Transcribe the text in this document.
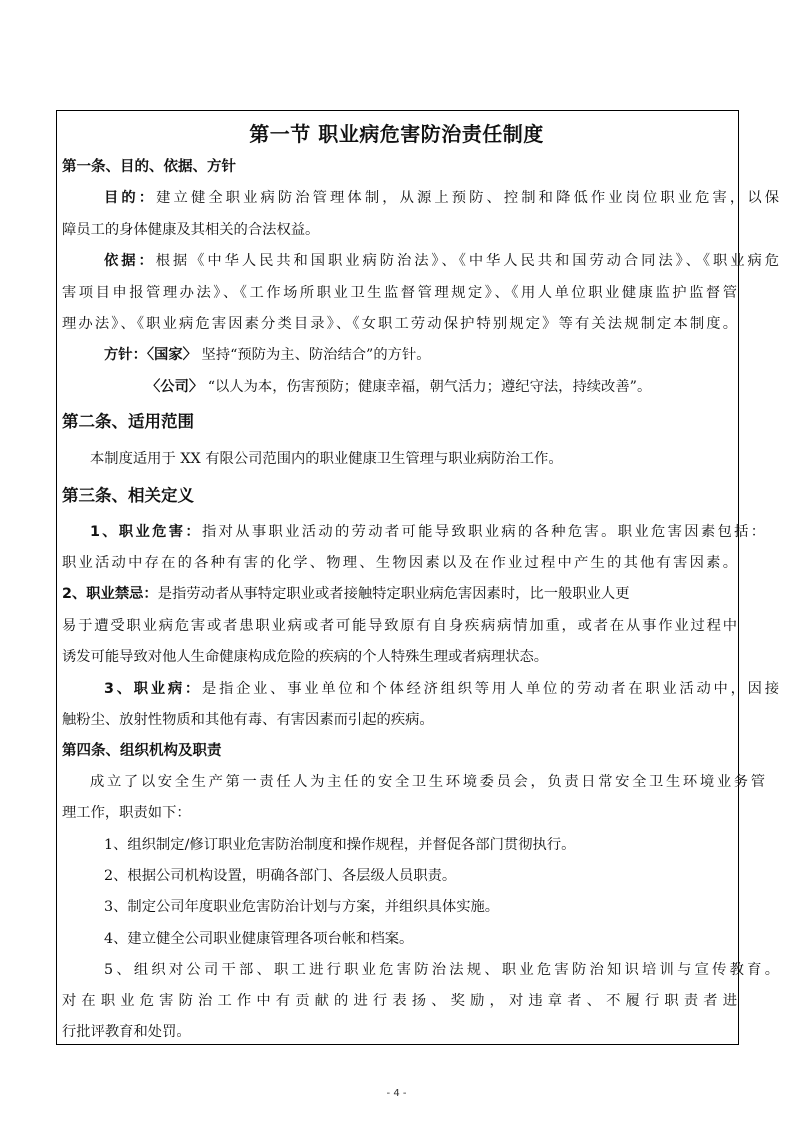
第一节 职业病危害防治责任制度
第一条、目的、依据、方针
目的：建立健全职业病防治管理体制，从源上预防、控制和降低作业岗位职业危害，以保
障员工的身体健康及其相关的合法权益。
依据：根据《中华人民共和国职业病防治法》、《中华人民共和国劳动合同法》、《职业病危
害项目申报管理办法》、《工作场所职业卫生监督管理规定》、《用人单位职业健康监护监督管
理办法》、《职业病危害因素分类目录》、《女职工劳动保护特别规定》等有关法规制定本制度。
方针：〈国家〉 坚持“预防为主、防治结合”的方针。
〈公司〉 “以人为本，伤害预防；健康幸福，朝气活力；遵纪守法，持续改善”。
第二条、适用范围
本制度适用于 XX 有限公司范围内的职业健康卫生管理与职业病防治工作。
第三条、相关定义
1、职业危害：指对从事职业活动的劳动者可能导致职业病的各种危害。职业危害因素包括：
职业活动中存在的各种有害的化学、物理、生物因素以及在作业过程中产生的其他有害因素。
2、职业禁忌：是指劳动者从事特定职业或者接触特定职业病危害因素时，比一般职业人更
易于遭受职业病危害或者患职业病或者可能导致原有自身疾病病情加重，或者在从事作业过程中
诱发可能导致对他人生命健康构成危险的疾病的个人特殊生理或者病理状态。
3、职业病：是指企业、事业单位和个体经济组织等用人单位的劳动者在职业活动中，因接
触粉尘、放射性物质和其他有毒、有害因素而引起的疾病。
第四条、组织机构及职责
成立了以安全生产第一责任人为主任的安全卫生环境委员会，负责日常安全卫生环境业务管
理工作，职责如下：
1、组织制定/修订职业危害防治制度和操作规程，并督促各部门贯彻执行。
2、根据公司机构设置，明确各部门、各层级人员职责。
3、制定公司年度职业危害防治计划与方案，并组织具体实施。
4、建立健全公司职业健康管理各项台帐和档案。
5、组织对公司干部、职工进行职业危害防治法规、职业危害防治知识培训与宣传教育。
对在职业危害防治工作中有贡献的进行表扬、奖励，对违章者、不履行职责者进
行批评教育和处罚。
- 4 -
